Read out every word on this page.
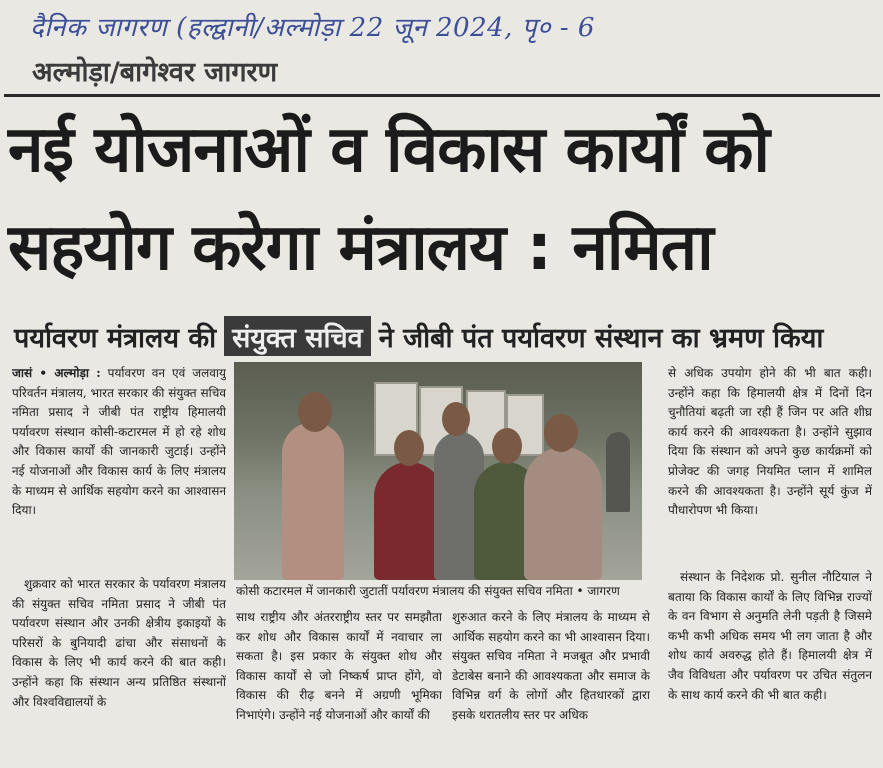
दैनिक जागरण (हल्द्वानी/अल्मोड़ा 22 जून 2024, पृ० - 6
अल्मोड़ा/बागेश्वर जागरण
नई योजनाओं व विकास कार्यों को
सहयोग करेगा मंत्रालय : नमिता
पर्यावरण मंत्रालय की संयुक्त सचिव ने जीबी पंत पर्यावरण संस्थान का भ्रमण किया
जासं • अल्मोड़ा : पर्यावरण वन एवं जलवायु परिवर्तन मंत्रालय, भारत सरकार की संयुक्त सचिव नमिता प्रसाद ने जीबी पंत राष्ट्रीय हिमालयी पर्यावरण संस्थान कोसी-कटारमल में हो रहे शोध और विकास कार्यों की जानकारी जुटाई। उन्होंने नई योजनाओं और विकास कार्य के लिए मंत्रालय के माध्यम से आर्थिक सहयोग करने का आश्वासन दिया।
शुक्रवार को भारत सरकार के पर्यावरण मंत्रालय की संयुक्त सचिव नमिता प्रसाद ने जीबी पंत पर्यावरण संस्थान और उनकी क्षेत्रीय इकाइयों के परिसरों के बुनियादी ढांचा और संसाधनों के विकास के लिए भी कार्य करने की बात कही। उन्होंने कहा कि संस्थान अन्य प्रतिष्ठित संस्थानों और विश्वविद्यालयों के
कोसी कटारमल में जानकारी जुटातीं पर्यावरण मंत्रालय की संयुक्त सचिव नमिता • जागरण
साथ राष्ट्रीय और अंतरराष्ट्रीय स्तर पर समझौता कर शोध और विकास कार्यों में नवाचार ला सकता है। इस प्रकार के संयुक्त शोध और विकास कार्यों से जो निष्कर्ष प्राप्त होंगे, वो विकास की रीढ़ बनने में अग्रणी भूमिका निभाएंगे। उन्होंने नई योजनाओं और कार्यों की
शुरुआत करने के लिए मंत्रालय के माध्यम से आर्थिक सहयोग करने का भी आश्वासन दिया। संयुक्त सचिव नमिता ने मजबूत और प्रभावी डेटाबेस बनाने की आवश्यकता और समाज के विभिन्न वर्ग के लोगों और हितधारकों द्वारा इसके धरातलीय स्तर पर अधिक
से अधिक उपयोग होने की भी बात कही। उन्होंने कहा कि हिमालयी क्षेत्र में दिनों दिन चुनौतियां बढ़ती जा रही हैं जिन पर अति शीघ्र कार्य करने की आवश्यकता है। उन्होंने सुझाव दिया कि संस्थान को अपने कुछ कार्यक्रमों को प्रोजेक्ट की जगह नियमित प्लान में शामिल करने की आवश्यकता है। उन्होंने सूर्य कुंज में पौधारोपण भी किया।
संस्थान के निदेशक प्रो. सुनील नौटियाल ने बताया कि विकास कार्यों के लिए विभिन्न राज्यों के वन विभाग से अनुमति लेनी पड़ती है जिसमे कभी कभी अधिक समय भी लग जाता है और शोध कार्य अवरुद्ध होते हैं। हिमालयी क्षेत्र में जैव विविधता और पर्यावरण पर उचित संतुलन के साथ कार्य करने की भी बात कही।
